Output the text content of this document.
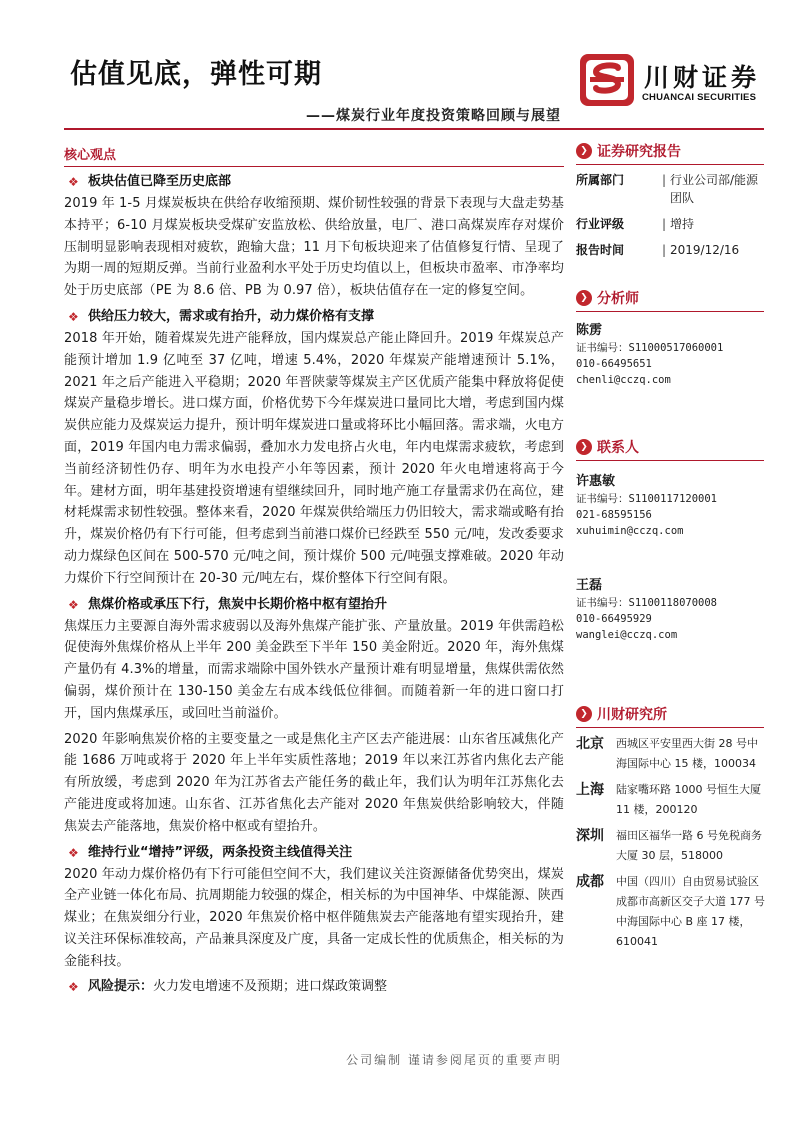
估值见底，弹性可期
——煤炭行业年度投资策略回顾与展望
川财证券
CHUANCAI SECURITIES
核心观点
❖ 板块估值已降至历史底部

2019 年 1-5 月煤炭板块在供给存收缩预期、煤价韧性较强的背景下表现与大盘走势基本持平；6-10 月煤炭板块受煤矿安监放松、供给放量，电厂、港口高煤炭库存对煤价压制明显影响表现相对疲软，跑输大盘；11 月下旬板块迎来了估值修复行情、呈现了为期一周的短期反弹。当前行业盈利水平处于历史均值以上，但板块市盈率、市净率均处于历史底部（PE 为 8.6 倍、PB 为 0.97 倍），板块估值存在一定的修复空间。

❖ 供给压力较大，需求或有抬升，动力煤价格有支撑

2018 年开始，随着煤炭先进产能释放，国内煤炭总产能止降回升。2019 年煤炭总产能预计增加 1.9 亿吨至 37 亿吨，增速 5.4%，2020 年煤炭产能增速预计 5.1%，2021 年之后产能进入平稳期；2020 年晋陕蒙等煤炭主产区优质产能集中释放将促使煤炭产量稳步增长。进口煤方面，价格优势下今年煤炭进口量同比大增，考虑到国内煤炭供应能力及煤炭运力提升，预计明年煤炭进口量或将环比小幅回落。需求端，火电方面，2019 年国内电力需求偏弱，叠加水力发电挤占火电，年内电煤需求疲软，考虑到当前经济韧性仍存、明年为水电投产小年等因素，预计 2020 年火电增速将高于今年。建材方面，明年基建投资增速有望继续回升，同时地产施工存量需求仍在高位，建材耗煤需求韧性较强。整体来看，2020 年煤炭供给端压力仍旧较大，需求端或略有抬升，煤炭价格仍有下行可能，但考虑到当前港口煤价已经跌至 550 元/吨，发改委要求动力煤绿色区间在 500-570 元/吨之间，预计煤价 500 元/吨强支撑难破。2020 年动力煤价下行空间预计在 20-30 元/吨左右，煤价整体下行空间有限。

❖ 焦煤价格或承压下行，焦炭中长期价格中枢有望抬升

焦煤压力主要源自海外需求疲弱以及海外焦煤产能扩张、产量放量。2019 年供需趋松促使海外焦煤价格从上半年 200 美金跌至下半年 150 美金附近。2020 年，海外焦煤产量仍有 4.3%的增量，而需求端除中国外铁水产量预计难有明显增量，焦煤供需依然偏弱，煤价预计在 130-150 美金左右成本线低位徘徊。而随着新一年的进口窗口打开，国内焦煤承压，或回吐当前溢价。

2020 年影响焦炭价格的主要变量之一或是焦化主产区去产能进展：山东省压减焦化产能 1686 万吨或将于 2020 年上半年实质性落地；2019 年以来江苏省内焦化去产能有所放缓，考虑到 2020 年为江苏省去产能任务的截止年，我们认为明年江苏焦化去产能进度或将加速。山东省、江苏省焦化去产能对 2020 年焦炭供给影响较大，伴随焦炭去产能落地，焦炭价格中枢或有望抬升。

❖ 维持行业“增持”评级，两条投资主线值得关注

2020 年动力煤价格仍有下行可能但空间不大，我们建议关注资源储备优势突出，煤炭全产业链一体化布局、抗周期能力较强的煤企，相关标的为中国神华、中煤能源、陕西煤业；在焦炭细分行业，2020 年焦炭价格中枢伴随焦炭去产能落地有望实现抬升，建议关注环保标准较高，产品兼具深度及广度，具备一定成长性的优质焦企，相关标的为金能科技。

❖ 风险提示： 火力发电增速不及预期；进口煤政策调整
❯ 证券研究报告
所属部门	| 行业公司部/能源团队
行业评级	| 增持
报告时间	| 2019/12/16
❯ 分析师
陈雳
证书编号：S1100051706000​1
010-66495651
chenli@cczq.com
❯ 联系人
许惠敏
证书编号：S1100117120001
021-68595156
xuhuimin@cczq.com
王磊
证书编号：S1100118070008
010-66495929
wanglei@cczq.com
❯ 川财研究所
北京	西城区平安里西大街 28 号中海国际中心 15 楼，100034
上海	陆家嘴环路 1000 号恒生大厦 11 楼，200120
深圳	福田区福华一路 6 号免税商务大厦 30 层，518000
成都	中国（四川）自由贸易试验区成都市高新区交子大道 177 号中海国际中心 B 座 17 楼，610041
公司编制 谨请参阅尾页的重要声明
